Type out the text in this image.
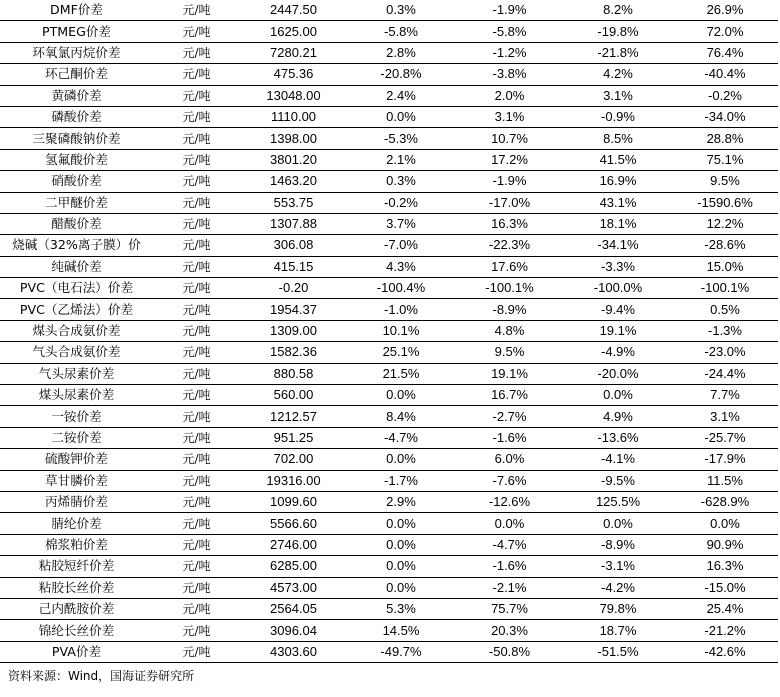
DMF价差	元/吨	2447.50	0.3%	-1.9%	8.2%	26.9%
PTMEG价差	元/吨	1625.00	-5.8%	-5.8%	-19.8%	72.0%
环氧氯丙烷价差	元/吨	7280.21	2.8%	-1.2%	-21.8%	76.4%
环己酮价差	元/吨	475.36	-20.8%	-3.8%	4.2%	-40.4%
黄磷价差	元/吨	13048.00	2.4%	2.0%	3.1%	-0.2%
磷酸价差	元/吨	1110.00	0.0%	3.1%	-0.9%	-34.0%
三聚磷酸钠价差	元/吨	1398.00	-5.3%	10.7%	8.5%	28.8%
氢氟酸价差	元/吨	3801.20	2.1%	17.2%	41.5%	75.1%
硝酸价差	元/吨	1463.20	0.3%	-1.9%	16.9%	9.5%
二甲醚价差	元/吨	553.75	-0.2%	-17.0%	43.1%	-1590.6%
醋酸价差	元/吨	1307.88	3.7%	16.3%	18.1%	12.2%
烧碱（32%离子膜）价	元/吨	306.08	-7.0%	-22.3%	-34.1%	-28.6%
纯碱价差	元/吨	415.15	4.3%	17.6%	-3.3%	15.0%
PVC（电石法）价差	元/吨	-0.20	-100.4%	-100.1%	-100.0%	-100.1%
PVC（乙烯法）价差	元/吨	1954.37	-1.0%	-8.9%	-9.4%	0.5%
煤头合成氨价差	元/吨	1309.00	10.1%	4.8%	19.1%	-1.3%
气头合成氨价差	元/吨	1582.36	25.1%	9.5%	-4.9%	-23.0%
气头尿素价差	元/吨	880.58	21.5%	19.1%	-20.0%	-24.4%
煤头尿素价差	元/吨	560.00	0.0%	16.7%	0.0%	7.7%
一铵价差	元/吨	1212.57	8.4%	-2.7%	4.9%	3.1%
二铵价差	元/吨	951.25	-4.7%	-1.6%	-13.6%	-25.7%
硫酸钾价差	元/吨	702.00	0.0%	6.0%	-4.1%	-17.9%
草甘膦价差	元/吨	19316.00	-1.7%	-7.6%	-9.5%	11.5%
丙烯腈价差	元/吨	1099.60	2.9%	-12.6%	125.5%	-628.9%
腈纶价差	元/吨	5566.60	0.0%	0.0%	0.0%	0.0%
棉浆粕价差	元/吨	2746.00	0.0%	-4.7%	-8.9%	90.9%
粘胶短纤价差	元/吨	6285.00	0.0%	-1.6%	-3.1%	16.3%
粘胶长丝价差	元/吨	4573.00	0.0%	-2.1%	-4.2%	-15.0%
己内酰胺价差	元/吨	2564.05	5.3%	75.7%	79.8%	25.4%
锦纶长丝价差	元/吨	3096.04	14.5%	20.3%	18.7%	-21.2%
PVA价差	元/吨	4303.60	-49.7%	-50.8%	-51.5%	-42.6%
资料来源：Wind，国海证券研究所
